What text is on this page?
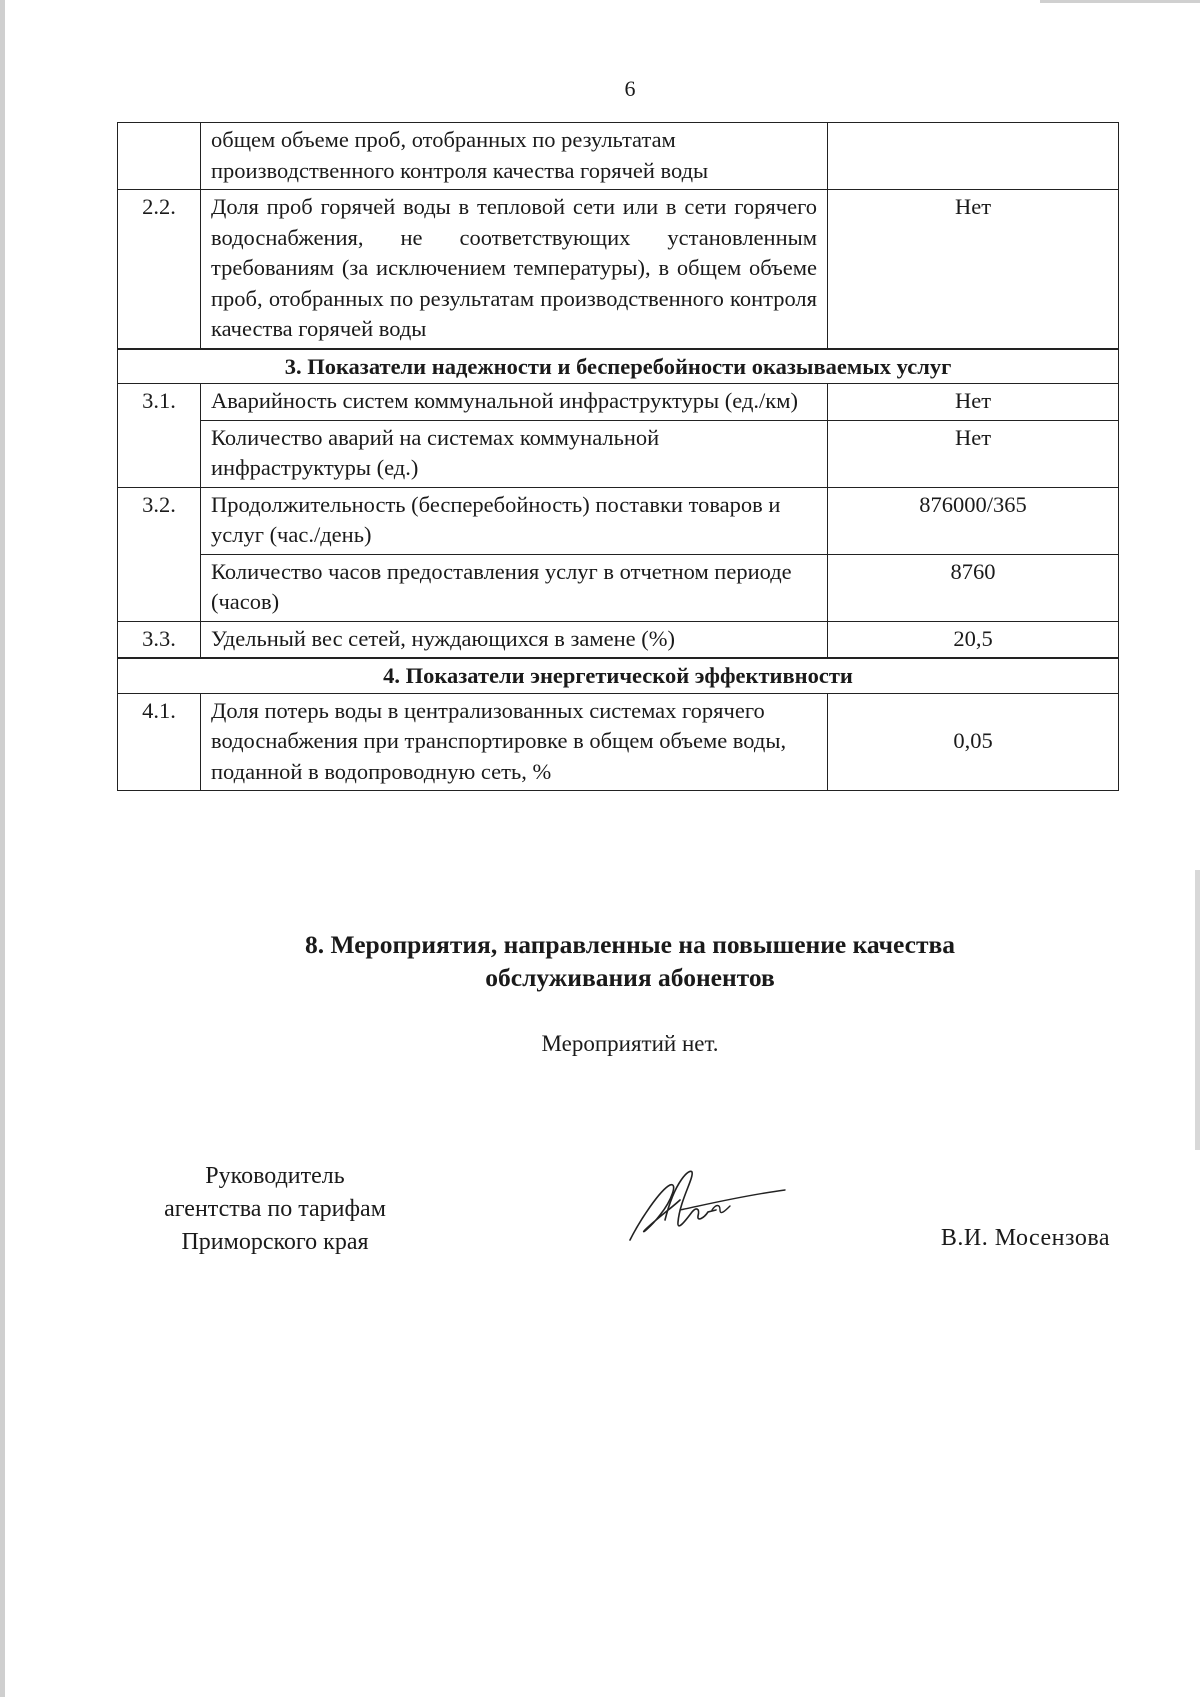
6
	общем объеме проб, отобранных по результатам производственного контроля качества горячей воды	
2.2.	Доля проб горячей воды в тепловой сети или в сети горячего водоснабжения, не соответствующих установленным требованиям (за исключением температуры), в общем объеме проб, отобранных по результатам производственного контроля качества горячей воды	Нет
3. Показатели надежности и бесперебойности оказываемых услуг		
3.1.	Аварийность систем коммунальной инфраструктуры (ед./км)	Нет
	Количество аварий на системах коммунальной инфраструктуры (ед.)	Нет
3.2.	Продолжительность (бесперебойность) поставки товаров и услуг (час./день)	876000/365
	Количество часов предоставления услуг в отчетном периоде (часов)	8760
3.3.	Удельный вес сетей, нуждающихся в замене (%)	20,5
4. Показатели энергетической эффективности		
4.1.	Доля потерь воды в централизованных системах горячего водоснабжения при транспортировке в общем объеме воды, поданной в водопроводную сеть, %	0,05
8. Мероприятия, направленные на повышение качества
обслуживания абонентов
Мероприятий нет.
Руководитель
агентства по тарифам
Приморского края	В.И. Мосензова
